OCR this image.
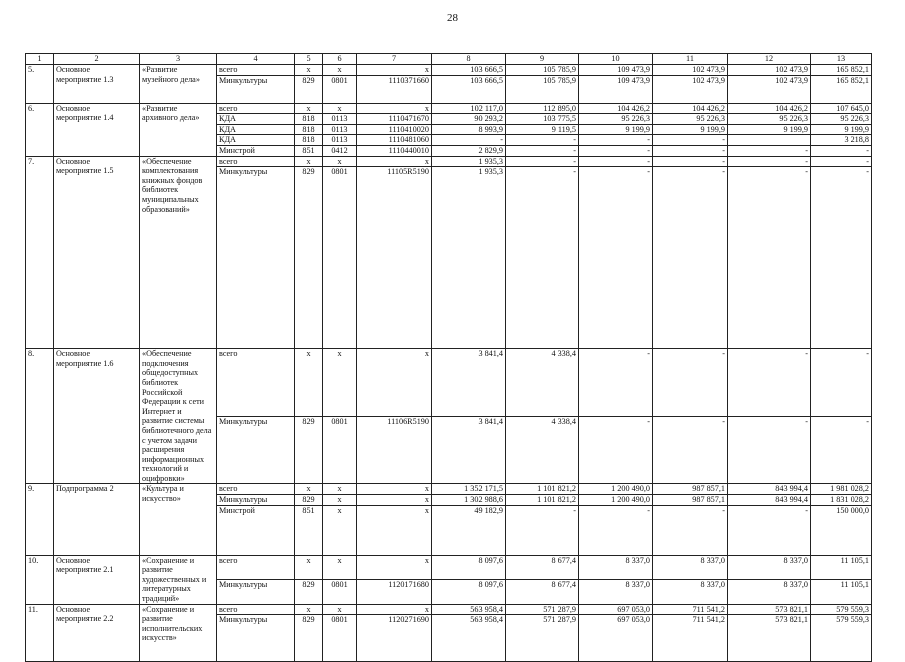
28
1	2	3	4	5	6	7	8	9	10	11	12	13
5.	Основное мероприятие 1.3	«Развитие музейного дела»	всего	x	x	x	103 666,5	105 785,9	109 473,9	102 473,9	102 473,9	165 852,1
			Минкультуры	829	0801	1110371660	103 666,5	105 785,9	109 473,9	102 473,9	102 473,9	165 852,1
6.	Основное мероприятие 1.4	«Развитие архивного дела»	всего	x	x	x	102 117,0	112 895,0	104 426,2	104 426,2	104 426,2	107 645,0
			КДА	818	0113	1110471670	90 293,2	103 775,5	95 226,3	95 226,3	95 226,3	95 226,3
			КДА	818	0113	1110410020	8 993,9	9 119,5	9 199,9	9 199,9	9 199,9	9 199,9
			КДА	818	0113	1110481060	-	-	-	-		3 218,8
			Минстрой	851	0412	1110440010	2 829,9	-	-	-	-	-
7.	Основное мероприятие 1.5	«Обеспечение комплектования книжных фондов библиотек муниципальных образований»	всего	x	x	x	1 935,3	-	-	-	-	-
			Минкультуры	829	0801	11105R5190	1 935,3	-	-	-	-	-
8.	Основное мероприятие 1.6	«Обеспечение подключения общедоступных библиотек Российской Федерации к сети Интернет и развитие системы библиотечного дела с учетом задачи расширения информационных технологий и оцифровки»	всего	x	x	x	3 841,4	4 338,4	-	-	-	-
			Минкультуры	829	0801	11106R5190	3 841,4	4 338,4	-	-	-	-
9.	Подпрограмма 2	«Культура и искусство»	всего	x	x	x	1 352 171,5	1 101 821,2	1 200 490,0	987 857,1	843 994,4	1 981 028,2
			Минкультуры	829	x	x	1 302 988,6	1 101 821,2	1 200 490,0	987 857,1	843 994,4	1 831 028,2
			Минстрой	851	x	x	49 182,9	-	-	-	-	150 000,0
10.	Основное мероприятие 2.1	«Сохранение и развитие художественных и литературных традиций»	всего	x	x	x	8 097,6	8 677,4	8 337,0	8 337,0	8 337,0	11 105,1
			Минкультуры	829	0801	1120171680	8 097,6	8 677,4	8 337,0	8 337,0	8 337,0	11 105,1
11.	Основное мероприятие 2.2	«Сохранение и развитие исполнительских искусств»	всего	x	x	x	563 958,4	571 287,9	697 053,0	711 541,2	573 821,1	579 559,3
			Минкультуры	829	0801	1120271690	563 958,4	571 287,9	697 053,0	711 541,2	573 821,1	579 559,3
